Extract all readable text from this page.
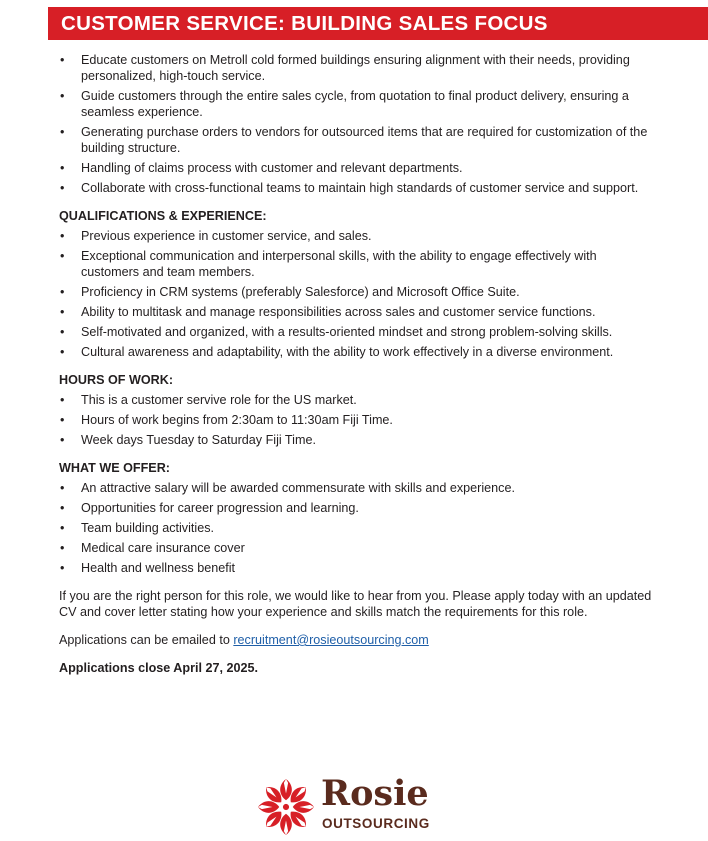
CUSTOMER SERVICE: BUILDING SALES FOCUS
• Educate customers on Metroll cold formed buildings ensuring alignment with their needs, providing personalized, high-touch service.
• Guide customers through the entire sales cycle, from quotation to final product delivery, ensuring a seamless experience.
• Generating purchase orders to vendors for outsourced items that are required for customization of the building structure.
• Handling of claims process with customer and relevant departments.
• Collaborate with cross-functional teams to maintain high standards of customer service and support.
QUALIFICATIONS & EXPERIENCE:
• Previous experience in customer service, and sales.
• Exceptional communication and interpersonal skills, with the ability to engage effectively with customers and team members.
• Proficiency in CRM systems (preferably Salesforce) and Microsoft Office Suite.
• Ability to multitask and manage responsibilities across sales and customer service functions.
• Self-motivated and organized, with a results-oriented mindset and strong problem-solving skills.
• Cultural awareness and adaptability, with the ability to work effectively in a diverse environment.
HOURS OF WORK:
• This is a customer servive role for the US market.
• Hours of work begins from 2:30am to 11:30am Fiji Time.
• Week days Tuesday to Saturday Fiji Time.
WHAT WE OFFER:
• An attractive salary will be awarded commensurate with skills and experience.
• Opportunities for career progression and learning.
• Team building activities.
• Medical care insurance cover
• Health and wellness benefit

If you are the right person for this role, we would like to hear from you. Please apply today with an updated CV and cover letter stating how your experience and skills match the requirements for this role.

Applications can be emailed to recruitment@rosieoutsourcing.com

Applications close April 27, 2025.

Rosie
OUTSOURCING
